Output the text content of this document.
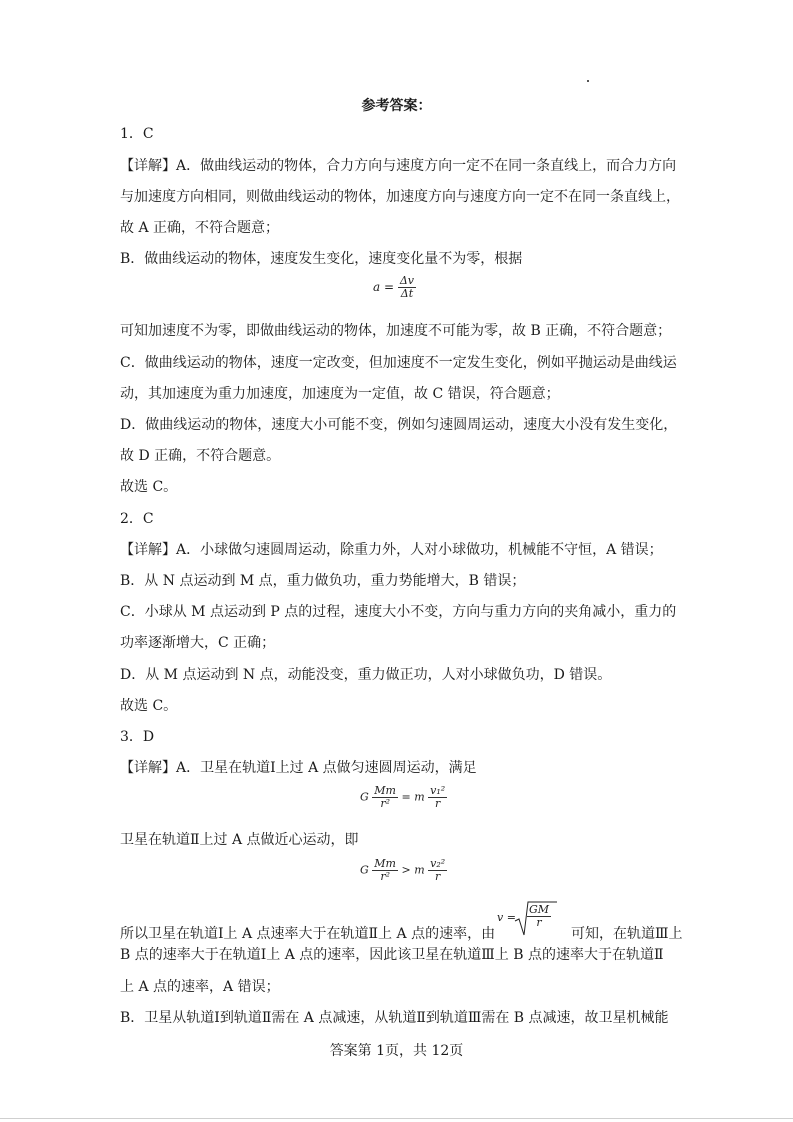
参考答案：
1．C
【详解】A．做曲线运动的物体，合力方向与速度方向一定不在同一条直线上，而合力方向
与加速度方向相同，则做曲线运动的物体，加速度方向与速度方向一定不在同一条直线上，
故 A 正确，不符合题意；
B．做曲线运动的物体，速度发生变化，速度变化量不为零，根据
$a = \frac{\Delta v}{\Delta t}$
可知加速度不为零，即做曲线运动的物体，加速度不可能为零，故 B 正确，不符合题意；
C．做曲线运动的物体，速度一定改变，但加速度不一定发生变化，例如平抛运动是曲线运
动，其加速度为重力加速度，加速度为一定值，故 C 错误，符合题意；
D．做曲线运动的物体，速度大小可能不变，例如匀速圆周运动，速度大小没有发生变化，
故 D 正确，不符合题意。
故选 C。
2．C
【详解】A．小球做匀速圆周运动，除重力外，人对小球做功，机械能不守恒，A 错误；
B．从 N 点运动到 M 点，重力做负功，重力势能增大，B 错误；
C．小球从 M 点运动到 P 点的过程，速度大小不变，方向与重力方向的夹角减小，重力的
功率逐渐增大，C 正确；
D．从 M 点运动到 N 点，动能没变，重力做正功，人对小球做负功，D 错误。
故选 C。
3．D
【详解】A．卫星在轨道Ⅰ上过 A 点做匀速圆周运动，满足
G $\frac{Mm}{\text{r²}} = m \frac{\text{v₁²}}{r}$
卫星在轨道Ⅱ上过 A 点做近心运动，即
G $\frac{Mm}{\text{r²}} > m \frac{\text{v₂²}}{r}$
所以卫星在轨道Ⅰ上 A 点速率大于在轨道Ⅱ上 A 点的速率，由
$v = \frac{GM}{r}$
可知，在轨道Ⅲ上
B 点的速率大于在轨道Ⅰ上 A 点的速率，因此该卫星在轨道Ⅲ上 B 点的速率大于在轨道Ⅱ
上 A 点的速率，A 错误；
B．卫星从轨道Ⅰ到轨道Ⅱ需在 A 点减速，从轨道Ⅱ到轨道Ⅲ需在 B 点减速，故卫星机械能
答案第 1页，共 12页
